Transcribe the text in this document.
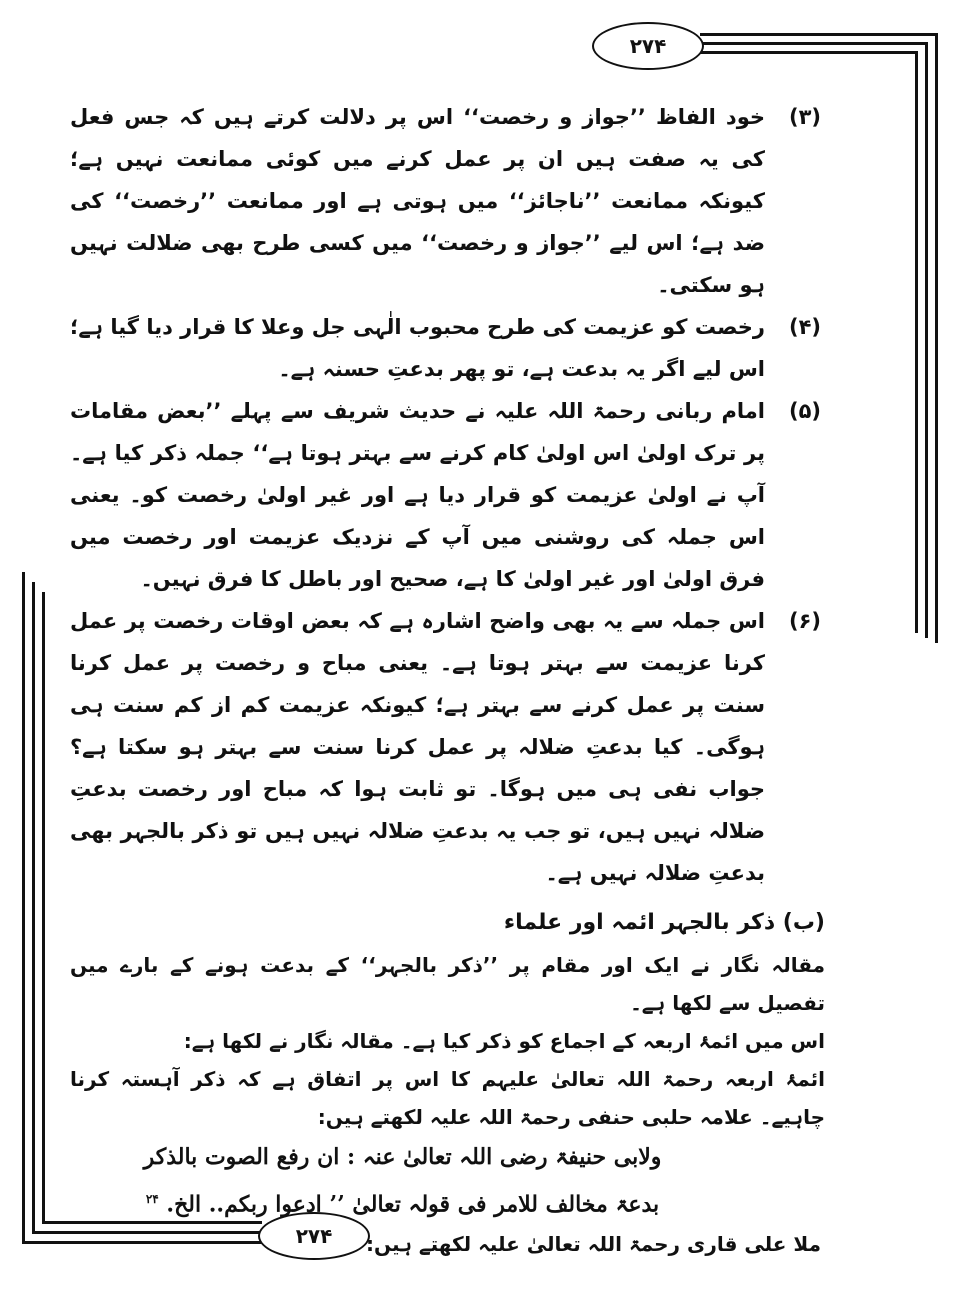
۲۷۴
۲۷۴
(۳)
خود الفاظ ’’جواز و رخصت‘‘ اس پر دلالت کرتے ہیں کہ جس فعل کی یہ صفت ہیں ان پر عمل کرنے میں کوئی ممانعت نہیں ہے؛ کیونکہ ممانعت ’’ناجائز‘‘ میں ہوتی ہے اور ممانعت ’’رخصت‘‘ کی ضد ہے؛ اس لیے ’’جواز و رخصت‘‘ میں کسی طرح بھی ضلالت نہیں ہو سکتی۔
(۴)
رخصت کو عزیمت کی طرح محبوب الٰہی جل وعلا کا قرار دیا گیا ہے؛ اس لیے اگر یہ بدعت ہے، تو پھر بدعتِ حسنہ ہے۔
(۵)
امام ربانی رحمۃ اللہ علیہ نے حدیث شریف سے پہلے ’’بعض مقامات پر ترک اولیٰ اس اولیٰ کام کرنے سے بہتر ہوتا ہے‘‘ جملہ ذکر کیا ہے۔ آپ نے اولیٰ عزیمت کو قرار دیا ہے اور غیر اولیٰ رخصت کو۔ یعنی اس جملہ کی روشنی میں آپ کے نزدیک عزیمت اور رخصت میں فرق اولیٰ اور غیر اولیٰ کا ہے، صحیح اور باطل کا فرق نہیں۔
(۶)
اس جملہ سے یہ بھی واضح اشارہ ہے کہ بعض اوقات رخصت پر عمل کرنا عزیمت سے بہتر ہوتا ہے۔ یعنی مباح و رخصت پر عمل کرنا سنت پر عمل کرنے سے بہتر ہے؛ کیونکہ عزیمت کم از کم سنت ہی ہوگی۔ کیا بدعتِ ضلالہ پر عمل کرنا سنت سے بہتر ہو سکتا ہے؟ جواب نفی ہی میں ہوگا۔ تو ثابت ہوا کہ مباح اور رخصت بدعتِ ضلالہ نہیں ہیں، تو جب یہ بدعتِ ضلالہ نہیں ہیں تو ذکر بالجہر بھی بدعتِ ضلالہ نہیں ہے۔
(ب) ذکر بالجہر ائمہ اور علماء
مقالہ نگار نے ایک اور مقام پر ’’ذکر بالجہر‘‘ کے بدعت ہونے کے بارے میں تفصیل سے لکھا ہے۔
اس میں ائمۂ اربعہ کے اجماع کو ذکر کیا ہے۔ مقالہ نگار نے لکھا ہے:
ائمۂ اربعہ رحمۃ اللہ تعالیٰ علیہم کا اس پر اتفاق ہے کہ ذکر آہستہ کرنا چاہیے۔ علامہ حلبی حنفی رحمۃ اللہ علیہ لکھتے ہیں:
ولابی حنیفۃ رضی اللہ تعالیٰ عنہ : ان رفع الصوت بالذکر
بدعۃ مخالف للامر فی قولہ تعالیٰ ’’ ادعوا ربکم.. الخ. $^{۲۴}$
ملا علی قاری رحمۃ اللہ تعالیٰ علیہ لکھتے ہیں:
